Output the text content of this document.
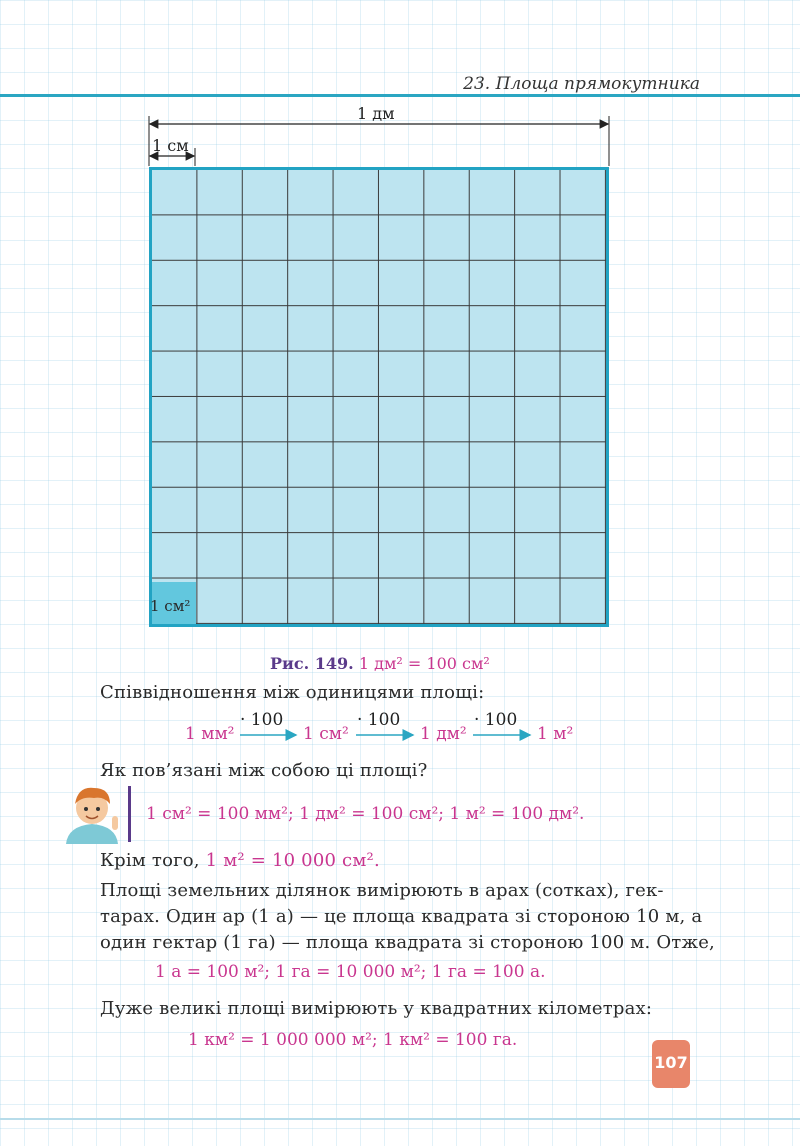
23. Площа прямокутника
1 дм
1 см
1 см²
Рис. 149. 1 дм² = 100 см²
Співвідношення між одиницями площі:
1 мм²	1 см²	1 дм²	1 м²
· 100	· 100	· 100
Як пов’язані між собою ці площі?
1 см² = 100 мм²; 1 дм² = 100 см²; 1 м² = 100 дм².
Крім того, 1 м² = 10 000 см².
Площі земельних ділянок вимірюють в арах (сотках), гек-
тарах. Один ар (1 а) — це площа квадрата зі стороною 10 м, а
один гектар (1 га) — площа квадрата зі стороною 100 м. Отже,
1 а = 100 м²; 1 га = 10 000 м²; 1 га = 100 а.
Дуже великі площі вимірюють у квадратних кілометрах:
1 км² = 1 000 000 м²; 1 км² = 100 га.
107
